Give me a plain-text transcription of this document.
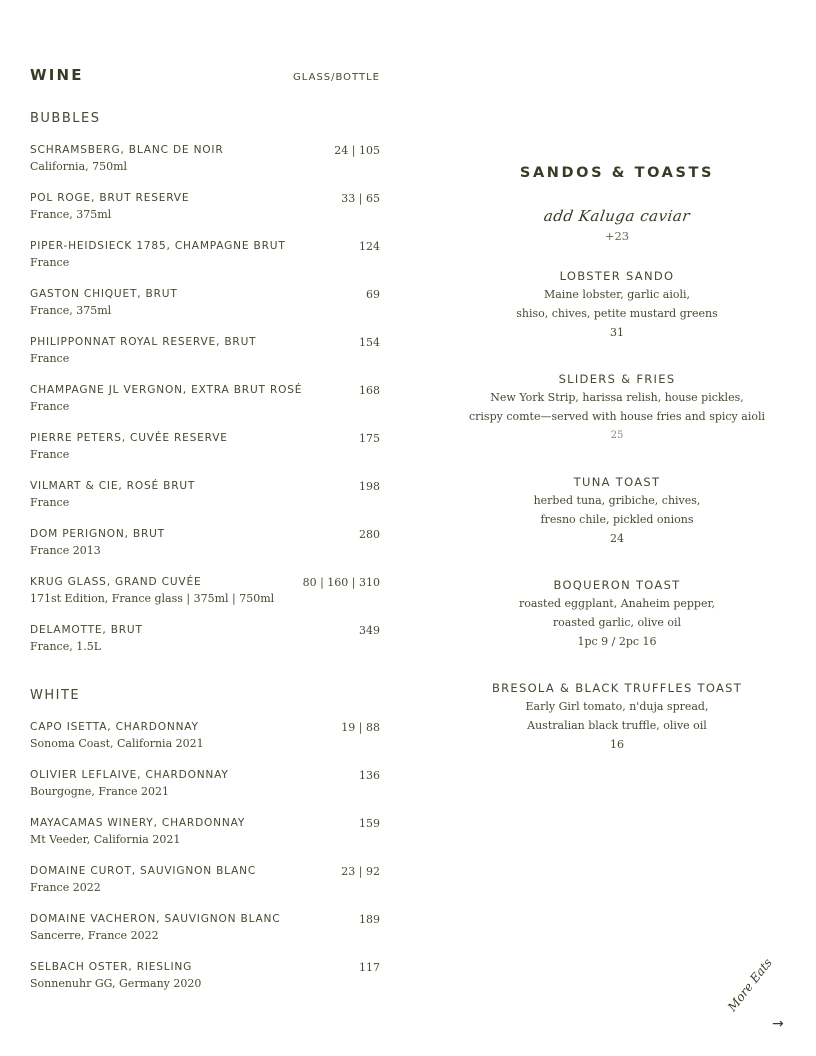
WINE	GLASS/BOTTLE
BUBBLES
SCHRAMSBERG, BLANC DE NOIR	24 | 105
California, 750ml
POL ROGE, BRUT RESERVE	33 | 65
France, 375ml
PIPER-HEIDSIECK 1785, CHAMPAGNE BRUT	124
France
GASTON CHIQUET, BRUT	69
France, 375ml
PHILIPPONNAT ROYAL RESERVE, BRUT	154
France
CHAMPAGNE JL VERGNON, EXTRA BRUT ROSÉ	168
France
PIERRE PETERS, CUVÉE RESERVE	175
France
VILMART & CIE, ROSÉ BRUT	198
France
DOM PERIGNON, BRUT	280
France 2013
KRUG GLASS, GRAND CUVÉE	80 | 160 | 310
171st Edition, France glass | 375ml | 750ml
DELAMOTTE, BRUT	349
France, 1.5L
WHITE
CAPO ISETTA, CHARDONNAY	19 | 88
Sonoma Coast, California 2021
OLIVIER LEFLAIVE, CHARDONNAY	136
Bourgogne, France 2021
MAYACAMAS WINERY, CHARDONNAY	159
Mt Veeder, California 2021
DOMAINE CUROT, SAUVIGNON BLANC	23 | 92
France 2022
DOMAINE VACHERON, SAUVIGNON BLANC	189
Sancerre, France 2022
SELBACH OSTER, RIESLING	117
Sonnenuhr GG, Germany 2020
SANDOS & TOASTS
add Kaluga caviar
+23
LOBSTER SANDO
Maine lobster, garlic aioli,
shiso, chives, petite mustard greens
31
SLIDERS & FRIES
New York Strip, harissa relish, house pickles,
crispy comte—served with house fries and spicy aioli
25
TUNA TOAST
herbed tuna, gribiche, chives,
fresno chile, pickled onions
24
BOQUERON TOAST
roasted eggplant, Anaheim pepper,
roasted garlic, olive oil
1pc 9 / 2pc 16
BRESOLA & BLACK TRUFFLES TOAST
Early Girl tomato, n'duja spread,
Australian black truffle, olive oil
16
More Eats
→
